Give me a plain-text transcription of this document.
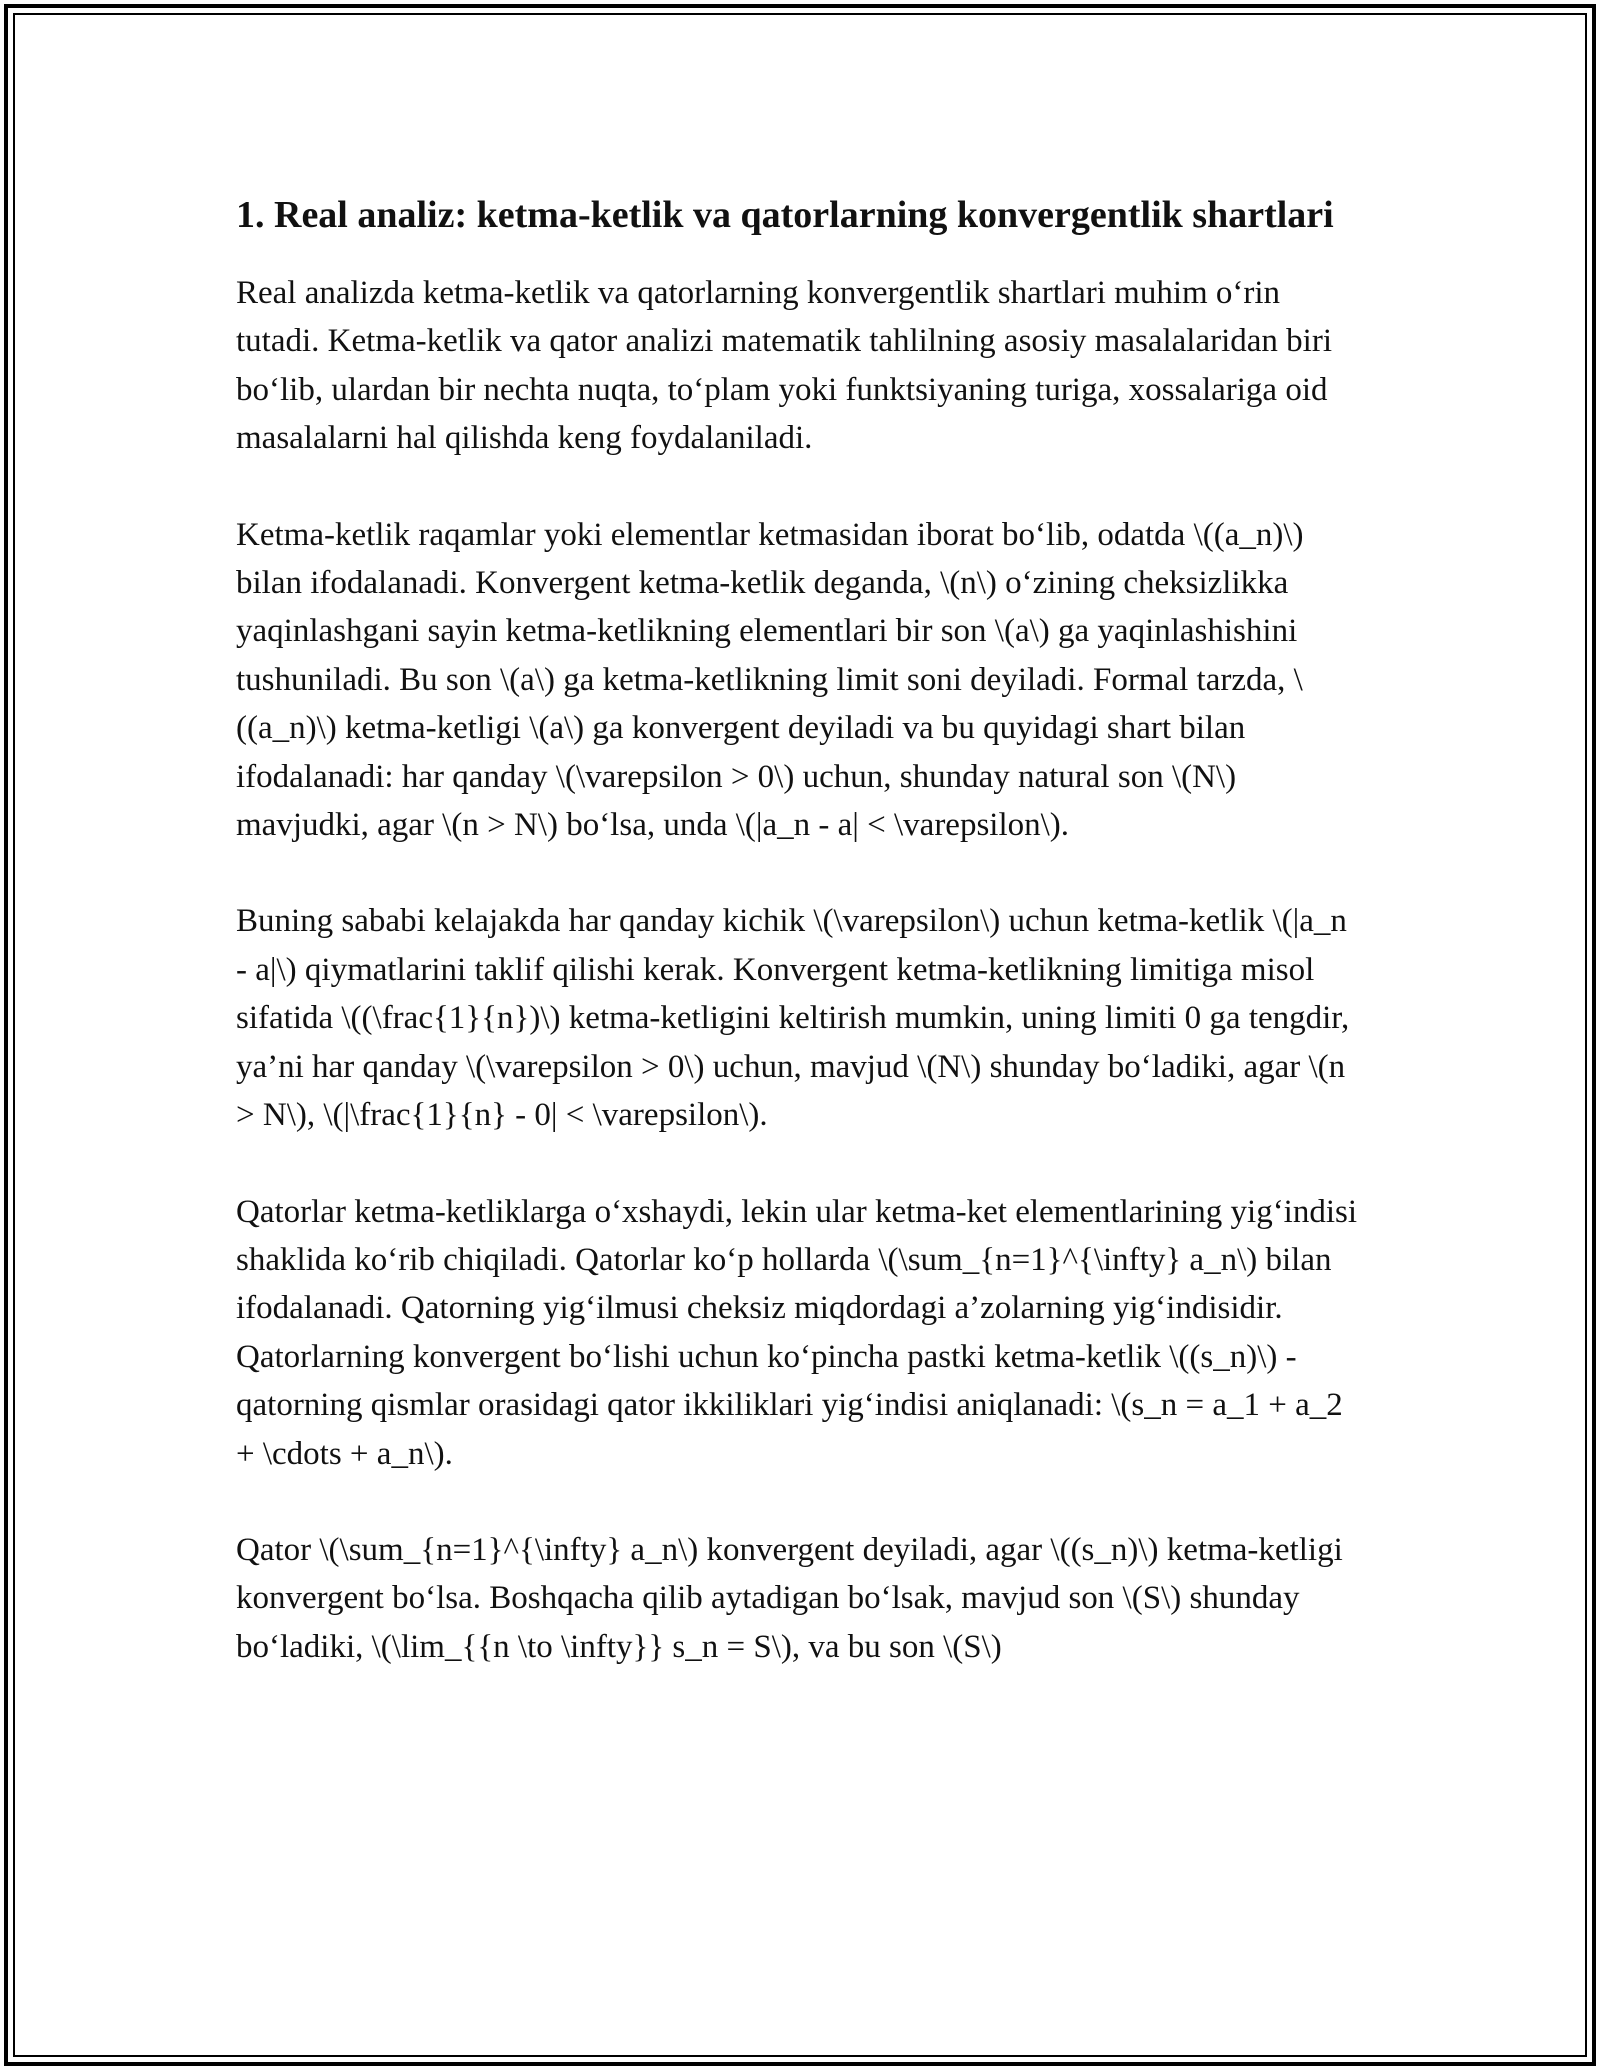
1. Real analiz: ketma-ketlik va qatorlarning konvergentlik shartlari

Real analizda ketma-ketlik va qatorlarning konvergentlik shartlari muhim o‘rin tutadi. Ketma-ketlik va qator analizi matematik tahlilning asosiy masalalaridan biri bo‘lib, ulardan bir nechta nuqta, to‘plam yoki funktsiyaning turiga, xossalariga oid masalalarni hal qilishda keng foydalaniladi.

Ketma-ketlik raqamlar yoki elementlar ketmasidan iborat bo‘lib, odatda \((a_n)\) bilan ifodalanadi. Konvergent ketma-ketlik deganda, \(n\) o‘zining cheksizlikka yaqinlashgani sayin ketma-ketlikning elementlari bir son \(a\) ga yaqinlashishini tushuniladi. Bu son \(a\) ga ketma-ketlikning limit soni deyiladi. Formal tarzda, \((a_n)\) ketma-ketligi \(a\) ga konvergent deyiladi va bu quyidagi shart bilan ifodalanadi: har qanday \(\varepsilon > 0\) uchun, shunday natural son \(N\) mavjudki, agar \(n > N\) bo‘lsa, unda \(|a_n - a| < \varepsilon\).

Buning sababi kelajakda har qanday kichik \(\varepsilon\) uchun ketma-ketlik \(|a_n - a|\) qiymatlarini taklif qilishi kerak. Konvergent ketma-ketlikning limitiga misol sifatida \((\frac{1}{n})\) ketma-ketligini keltirish mumkin, uning limiti 0 ga tengdir, ya’ni har qanday \(\varepsilon > 0\) uchun, mavjud \(N\) shunday bo‘ladiki, agar \(n > N\), \(|\frac{1}{n} - 0| < \varepsilon\).

Qatorlar ketma-ketliklarga o‘xshaydi, lekin ular ketma-ket elementlarining yig‘indisi shaklida ko‘rib chiqiladi. Qatorlar ko‘p hollarda \(\sum_{n=1}^{\infty} a_n\) bilan ifodalanadi. Qatorning yig‘ilmusi cheksiz miqdordagi a’zolarning yig‘indisidir. Qatorlarning konvergent bo‘lishi uchun ko‘pincha pastki ketma-ketlik \((s_n)\) - qatorning qismlar orasidagi qator ikkiliklari yig‘indisi aniqlanadi: \(s_n = a_1 + a_2 + \cdots + a_n\).

Qator \(\sum_{n=1}^{\infty} a_n\) konvergent deyiladi, agar \((s_n)\) ketma-ketligi konvergent bo‘lsa. Boshqacha qilib aytadigan bo‘lsak, mavjud son \(S\) shunday bo‘ladiki, \(\lim_{{n \to \infty}} s_n = S\), va bu son \(S\)
